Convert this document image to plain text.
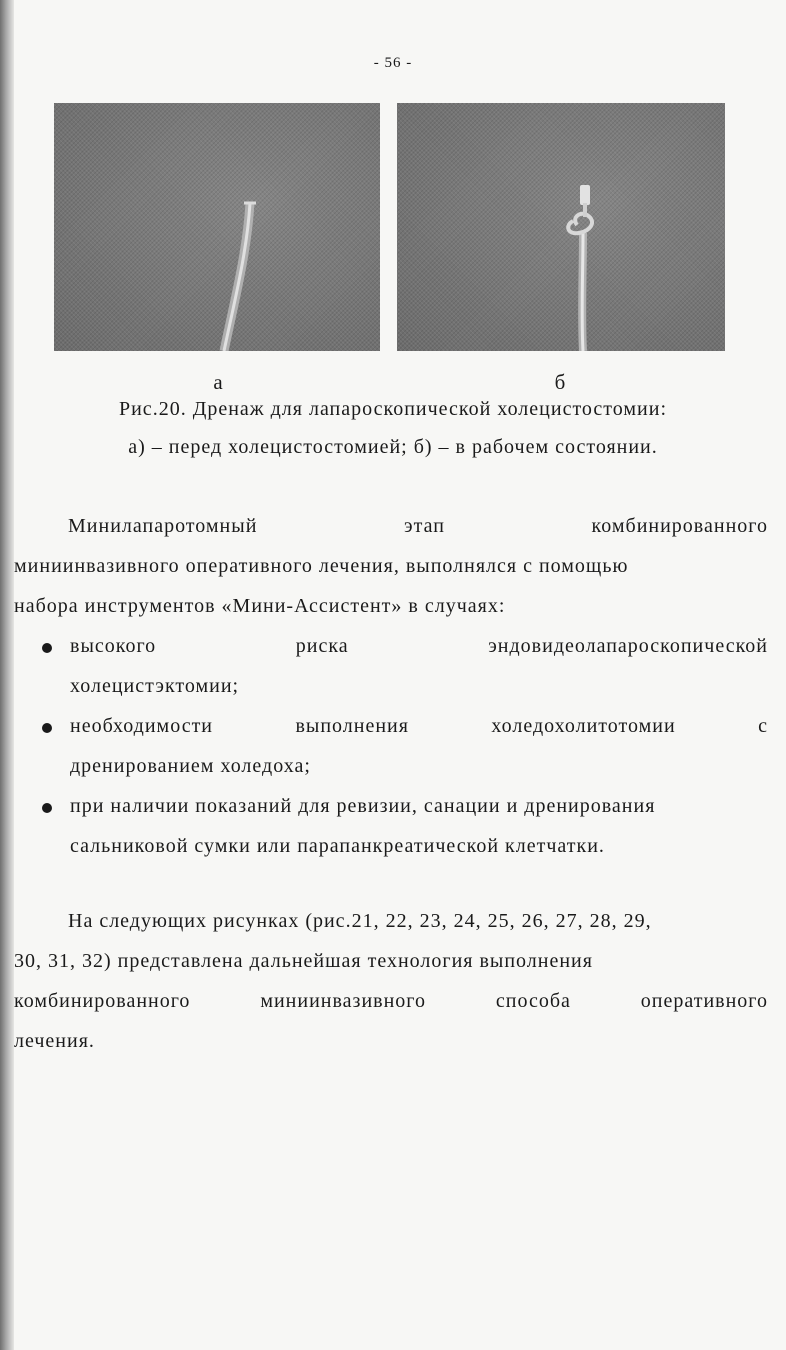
- 56 -
а	б
Рис.20. Дренаж для лапароскопической холецистостомии:
а) – перед холецистостомией; б) – в рабочем состоянии.
Минилапаротомный	этап	комбинированного
миниинвазивного оперативного лечения, выполнялся с помощью
набора инструментов «Мини-Ассистент» в случаях:
высокого	риска	эндовидеолапароскопической
холецистэктомии;
необходимости	выполнения	холедохолитотомии	с
дренированием холедоха;
при наличии показаний для ревизии, санации и дренирования
сальниковой сумки или парапанкреатической клетчатки.
На следующих рисунках (рис.21, 22, 23, 24, 25, 26, 27, 28, 29,
30, 31, 32) представлена дальнейшая технология выполнения
комбинированного	миниинвазивного	способа	оперативного
лечения.
